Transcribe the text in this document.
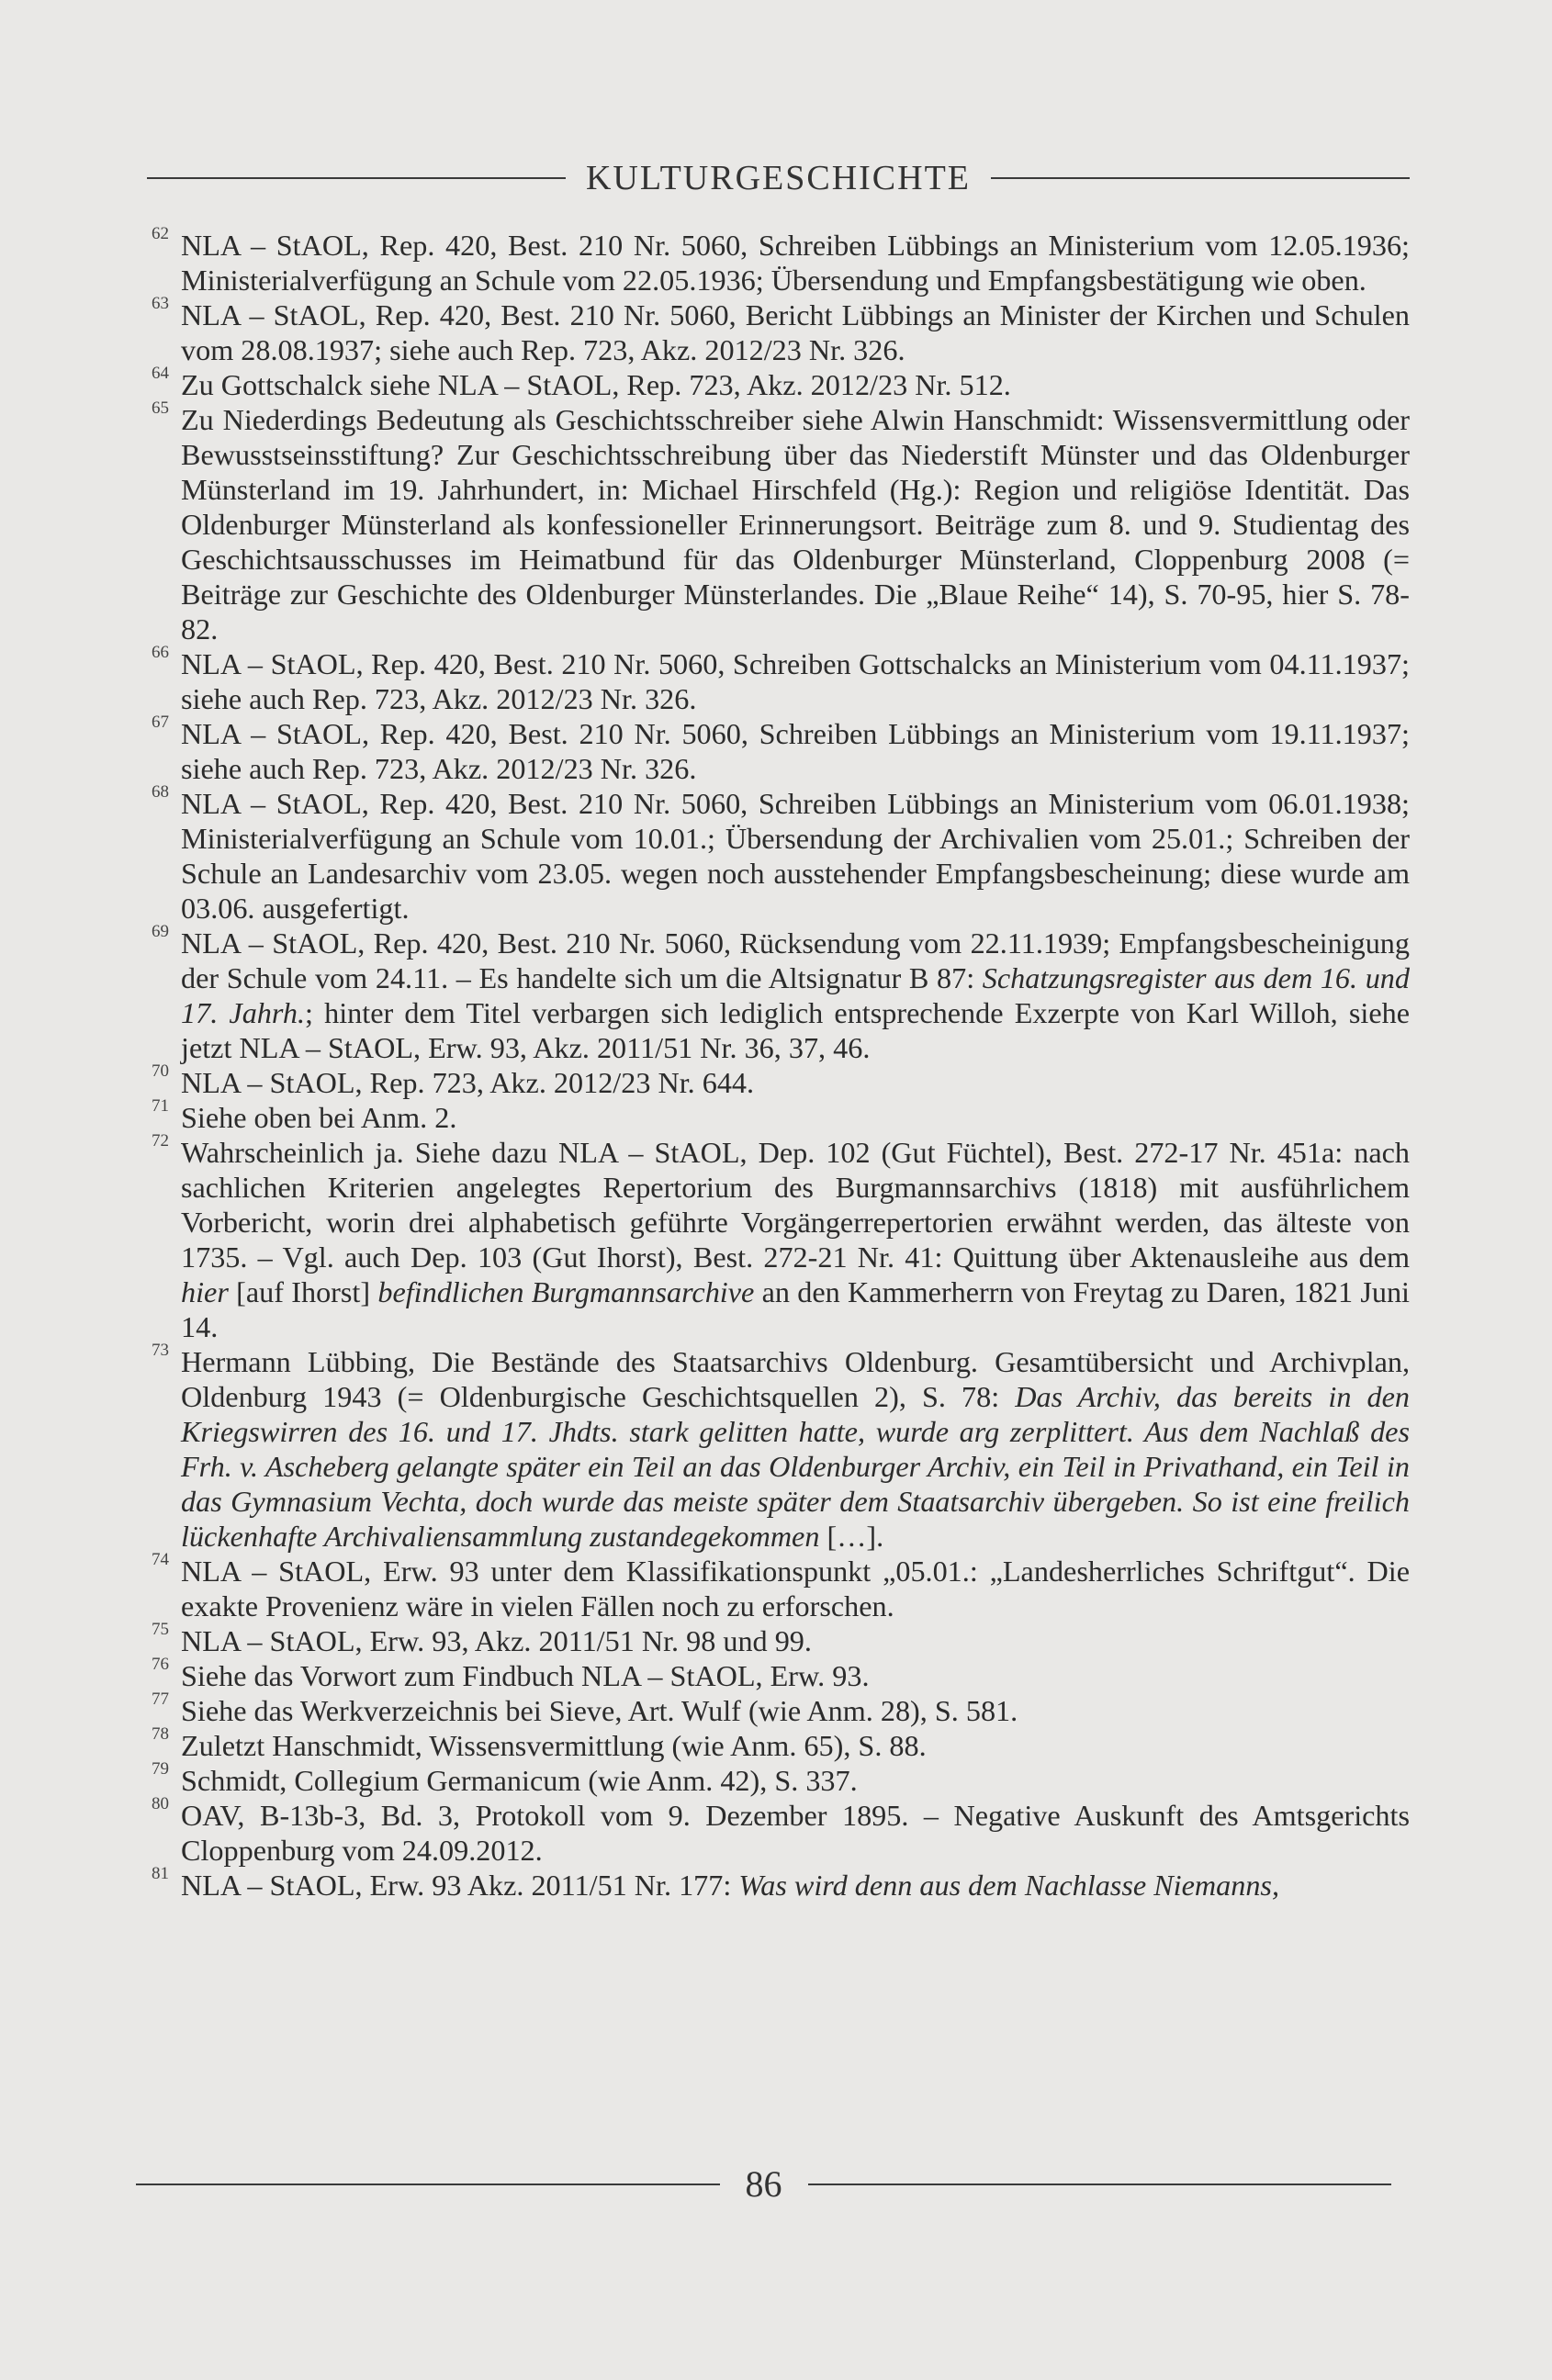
KULTURGESCHICHTE
62 NLA – StAOL, Rep. 420, Best. 210 Nr. 5060, Schreiben Lübbings an Ministerium vom 12.05.1936; Ministerialverfügung an Schule vom 22.05.1936; Übersendung und Empfangsbestätigung wie oben.
63 NLA – StAOL, Rep. 420, Best. 210 Nr. 5060, Bericht Lübbings an Minister der Kirchen und Schulen vom 28.08.1937; siehe auch Rep. 723, Akz. 2012/23 Nr. 326.
64 Zu Gottschalck siehe NLA – StAOL, Rep. 723, Akz. 2012/23 Nr. 512.
65 Zu Niederdings Bedeutung als Geschichtsschreiber siehe Alwin Hanschmidt: Wissensvermittlung oder Bewusstseinsstiftung? Zur Geschichtsschreibung über das Niederstift Münster und das Oldenburger Münsterland im 19. Jahrhundert, in: Michael Hirschfeld (Hg.): Region und religiöse Identität. Das Oldenburger Münsterland als konfessioneller Erinnerungsort. Beiträge zum 8. und 9. Studientag des Geschichtsausschusses im Heimatbund für das Oldenburger Münsterland, Cloppenburg 2008 (= Beiträge zur Geschichte des Oldenburger Münsterlandes. Die „Blaue Reihe“ 14), S. 70-95, hier S. 78-82.
66 NLA – StAOL, Rep. 420, Best. 210 Nr. 5060, Schreiben Gottschalcks an Ministerium vom 04.11.1937; siehe auch Rep. 723, Akz. 2012/23 Nr. 326.
67 NLA – StAOL, Rep. 420, Best. 210 Nr. 5060, Schreiben Lübbings an Ministerium vom 19.11.1937; siehe auch Rep. 723, Akz. 2012/23 Nr. 326.
68 NLA – StAOL, Rep. 420, Best. 210 Nr. 5060, Schreiben Lübbings an Ministerium vom 06.01.1938; Ministerialverfügung an Schule vom 10.01.; Übersendung der Archivalien vom 25.01.; Schreiben der Schule an Landesarchiv vom 23.05. wegen noch ausstehender Empfangsbescheinung; diese wurde am 03.06. ausgefertigt.
69 NLA – StAOL, Rep. 420, Best. 210 Nr. 5060, Rücksendung vom 22.11.1939; Empfangsbescheinigung der Schule vom 24.11. – Es handelte sich um die Altsignatur B 87: Schatzungsregister aus dem 16. und 17. Jahrh.; hinter dem Titel verbargen sich lediglich entsprechende Exzerpte von Karl Willoh, siehe jetzt NLA – StAOL, Erw. 93, Akz. 2011/51 Nr. 36, 37, 46.
70 NLA – StAOL, Rep. 723, Akz. 2012/23 Nr. 644.
71 Siehe oben bei Anm. 2.
72 Wahrscheinlich ja. Siehe dazu NLA – StAOL, Dep. 102 (Gut Füchtel), Best. 272-17 Nr. 451a: nach sachlichen Kriterien angelegtes Repertorium des Burgmannsarchivs (1818) mit ausführlichem Vorbericht, worin drei alphabetisch geführte Vorgängerrepertorien erwähnt werden, das älteste von 1735. – Vgl. auch Dep. 103 (Gut Ihorst), Best. 272-21 Nr. 41: Quittung über Aktenausleihe aus dem hier [auf Ihorst] befindlichen Burgmannsarchive an den Kammerherrn von Freytag zu Daren, 1821 Juni 14.
73 Hermann Lübbing, Die Bestände des Staatsarchivs Oldenburg. Gesamtübersicht und Archivplan, Oldenburg 1943 (= Oldenburgische Geschichtsquellen 2), S. 78: Das Archiv, das bereits in den Kriegswirren des 16. und 17. Jhdts. stark gelitten hatte, wurde arg zerplittert. Aus dem Nachlaß des Frh. v. Ascheberg gelangte später ein Teil an das Oldenburger Archiv, ein Teil in Privathand, ein Teil in das Gymnasium Vechta, doch wurde das meiste später dem Staatsarchiv übergeben. So ist eine freilich lückenhafte Archivaliensammlung zustandegekommen […].
74 NLA – StAOL, Erw. 93 unter dem Klassifikationspunkt „05.01.: „Landesherrliches Schriftgut“. Die exakte Provenienz wäre in vielen Fällen noch zu erforschen.
75 NLA – StAOL, Erw. 93, Akz. 2011/51 Nr. 98 und 99.
76 Siehe das Vorwort zum Findbuch NLA – StAOL, Erw. 93.
77 Siehe das Werkverzeichnis bei Sieve, Art. Wulf (wie Anm. 28), S. 581.
78 Zuletzt Hanschmidt, Wissensvermittlung (wie Anm. 65), S. 88.
79 Schmidt, Collegium Germanicum (wie Anm. 42), S. 337.
80 OAV, B-13b-3, Bd. 3, Protokoll vom 9. Dezember 1895. – Negative Auskunft des Amtsgerichts Cloppenburg vom 24.09.2012.
81 NLA – StAOL, Erw. 93 Akz. 2011/51 Nr. 177: Was wird denn aus dem Nachlasse Niemanns,
86
